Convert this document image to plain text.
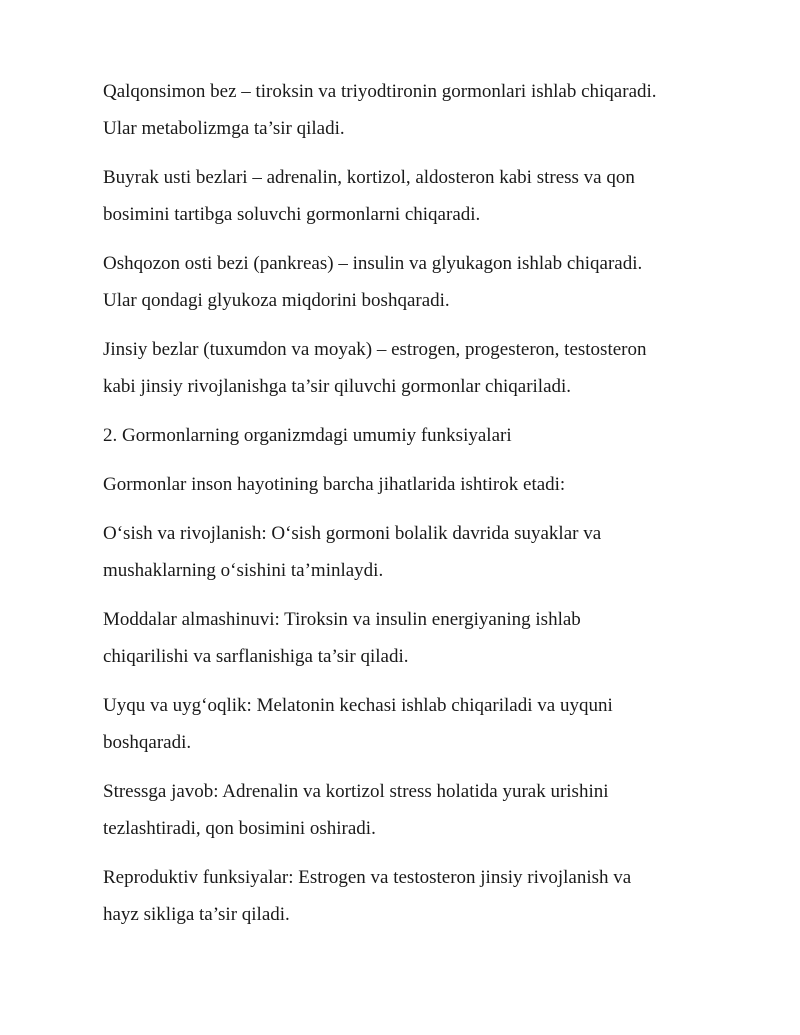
Qalqonsimon bez – tiroksin va triyodtironin gormonlari ishlab chiqaradi.
Ular metabolizmga ta’sir qiladi.

Buyrak usti bezlari – adrenalin, kortizol, aldosteron kabi stress va qon
bosimini tartibga soluvchi gormonlarni chiqaradi.

Oshqozon osti bezi (pankreas) – insulin va glyukagon ishlab chiqaradi.
Ular qondagi glyukoza miqdorini boshqaradi.

Jinsiy bezlar (tuxumdon va moyak) – estrogen, progesteron, testosteron
kabi jinsiy rivojlanishga ta’sir qiluvchi gormonlar chiqariladi.

2. Gormonlarning organizmdagi umumiy funksiyalari

Gormonlar inson hayotining barcha jihatlarida ishtirok etadi:

O‘sish va rivojlanish: O‘sish gormoni bolalik davrida suyaklar va
mushaklarning o‘sishini ta’minlaydi.

Moddalar almashinuvi: Tiroksin va insulin energiyaning ishlab
chiqarilishi va sarflanishiga ta’sir qiladi.

Uyqu va uyg‘oqlik: Melatonin kechasi ishlab chiqariladi va uyquni
boshqaradi.

Stressga javob: Adrenalin va kortizol stress holatida yurak urishini
tezlashtiradi, qon bosimini oshiradi.

Reproduktiv funksiyalar: Estrogen va testosteron jinsiy rivojlanish va
hayz sikliga ta’sir qiladi.
